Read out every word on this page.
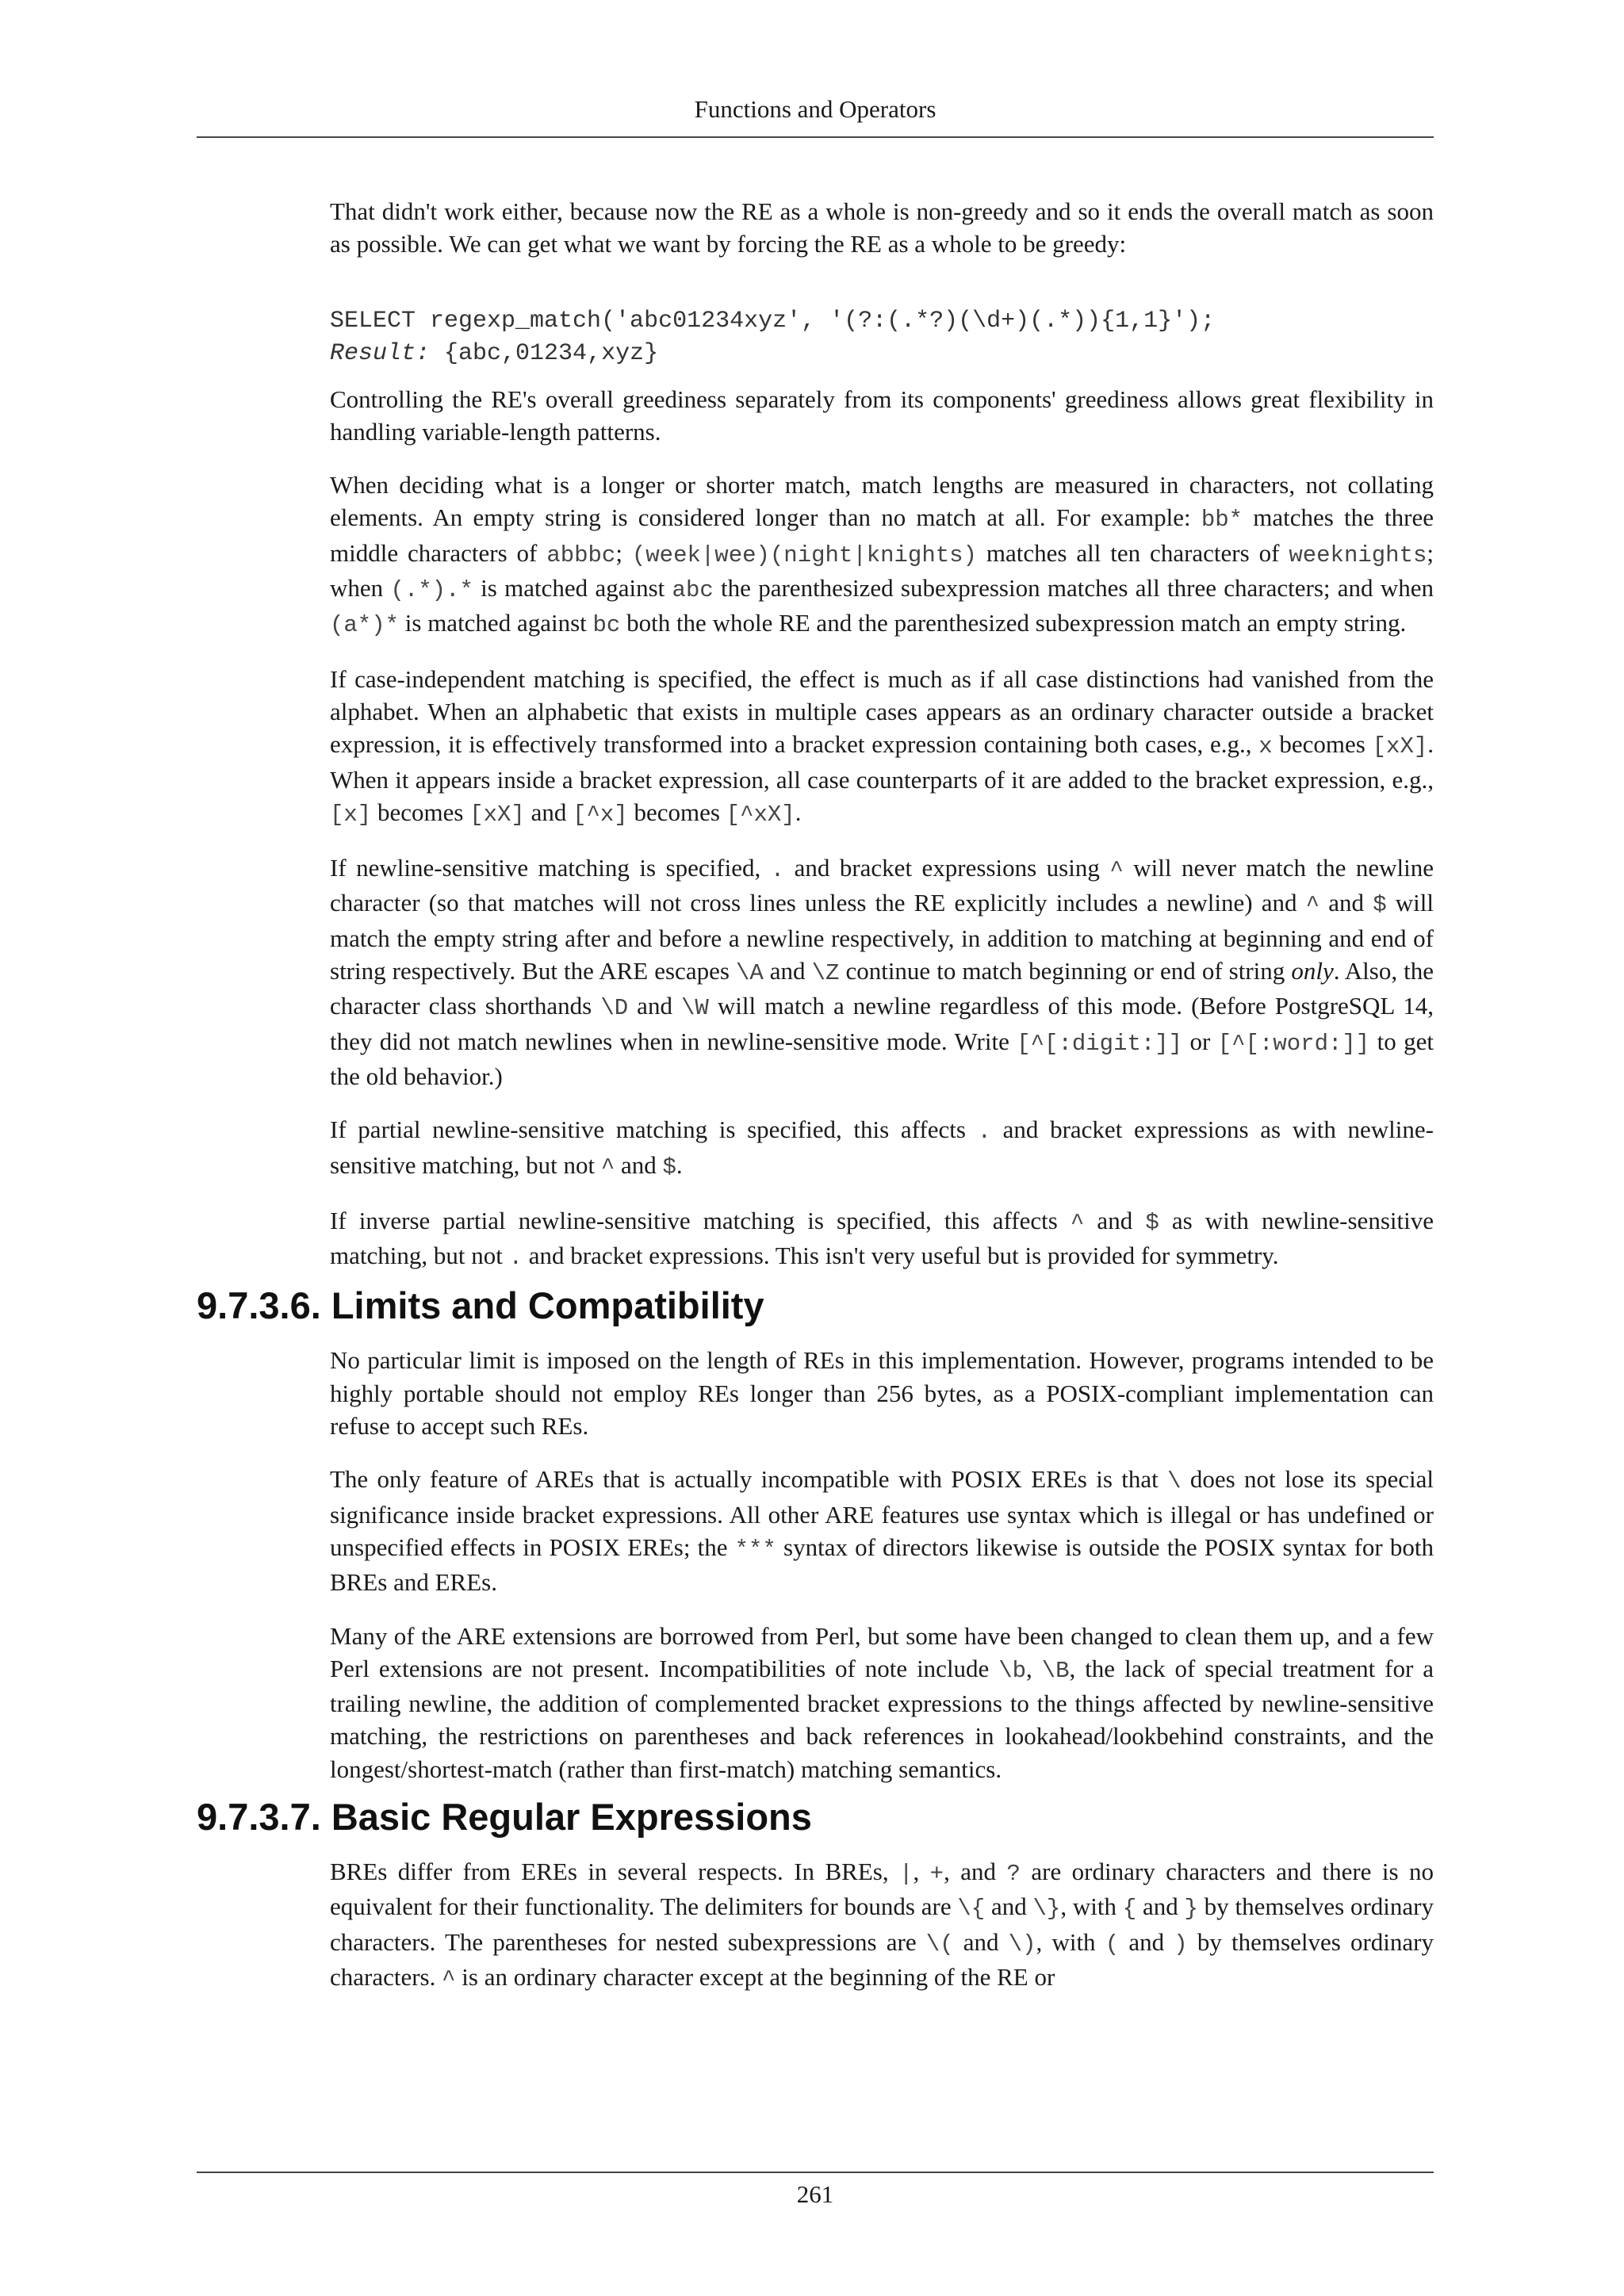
Functions and Operators

That didn't work either, because now the RE as a whole is non-greedy and so it ends the overall match as soon as possible. We can get what we want by forcing the RE as a whole to be greedy:

SELECT regexp_match('abc01234xyz', '(?:(.*?)(\d+)(.*)){1,1}');
Result: {abc,01234,xyz}

Controlling the RE's overall greediness separately from its components' greediness allows great flexibility in handling variable-length patterns.

When deciding what is a longer or shorter match, match lengths are measured in characters, not collating elements. An empty string is considered longer than no match at all. For example: bb* matches the three middle characters of abbbc; (week|wee)(night|knights) matches all ten characters of weeknights; when (.*).* is matched against abc the parenthesized subexpression matches all three characters; and when (a*)* is matched against bc both the whole RE and the parenthesized subexpression match an empty string.

If case-independent matching is specified, the effect is much as if all case distinctions had vanished from the alphabet. When an alphabetic that exists in multiple cases appears as an ordinary character outside a bracket expression, it is effectively transformed into a bracket expression containing both cases, e.g., x becomes [xX]. When it appears inside a bracket expression, all case counterparts of it are added to the bracket expression, e.g., [x] becomes [xX] and [^x] becomes [^xX].

If newline-sensitive matching is specified, . and bracket expressions using ^ will never match the newline character (so that matches will not cross lines unless the RE explicitly includes a newline) and ^ and $ will match the empty string after and before a newline respectively, in addition to matching at beginning and end of string respectively. But the ARE escapes \A and \Z continue to match beginning or end of string only. Also, the character class shorthands \D and \W will match a newline regardless of this mode. (Before PostgreSQL 14, they did not match newlines when in newline-sensitive mode. Write [^[:digit:]] or [^[:word:]] to get the old behavior.)

If partial newline-sensitive matching is specified, this affects . and bracket expressions as with newline-sensitive matching, but not ^ and $.

If inverse partial newline-sensitive matching is specified, this affects ^ and $ as with newline-sensitive matching, but not . and bracket expressions. This isn't very useful but is provided for symmetry.

9.7.3.6. Limits and Compatibility

No particular limit is imposed on the length of REs in this implementation. However, programs intended to be highly portable should not employ REs longer than 256 bytes, as a POSIX-compliant implementation can refuse to accept such REs.

The only feature of AREs that is actually incompatible with POSIX EREs is that \ does not lose its special significance inside bracket expressions. All other ARE features use syntax which is illegal or has undefined or unspecified effects in POSIX EREs; the *** syntax of directors likewise is outside the POSIX syntax for both BREs and EREs.

Many of the ARE extensions are borrowed from Perl, but some have been changed to clean them up, and a few Perl extensions are not present. Incompatibilities of note include \b, \B, the lack of special treatment for a trailing newline, the addition of complemented bracket expressions to the things affected by newline-sensitive matching, the restrictions on parentheses and back references in lookahead/lookbehind constraints, and the longest/shortest-match (rather than first-match) matching semantics.

9.7.3.7. Basic Regular Expressions

BREs differ from EREs in several respects. In BREs, |, +, and ? are ordinary characters and there is no equivalent for their functionality. The delimiters for bounds are \{ and \}, with { and } by themselves ordinary characters. The parentheses for nested subexpressions are \( and \), with ( and ) by themselves ordinary characters. ^ is an ordinary character except at the beginning of the RE or

261
